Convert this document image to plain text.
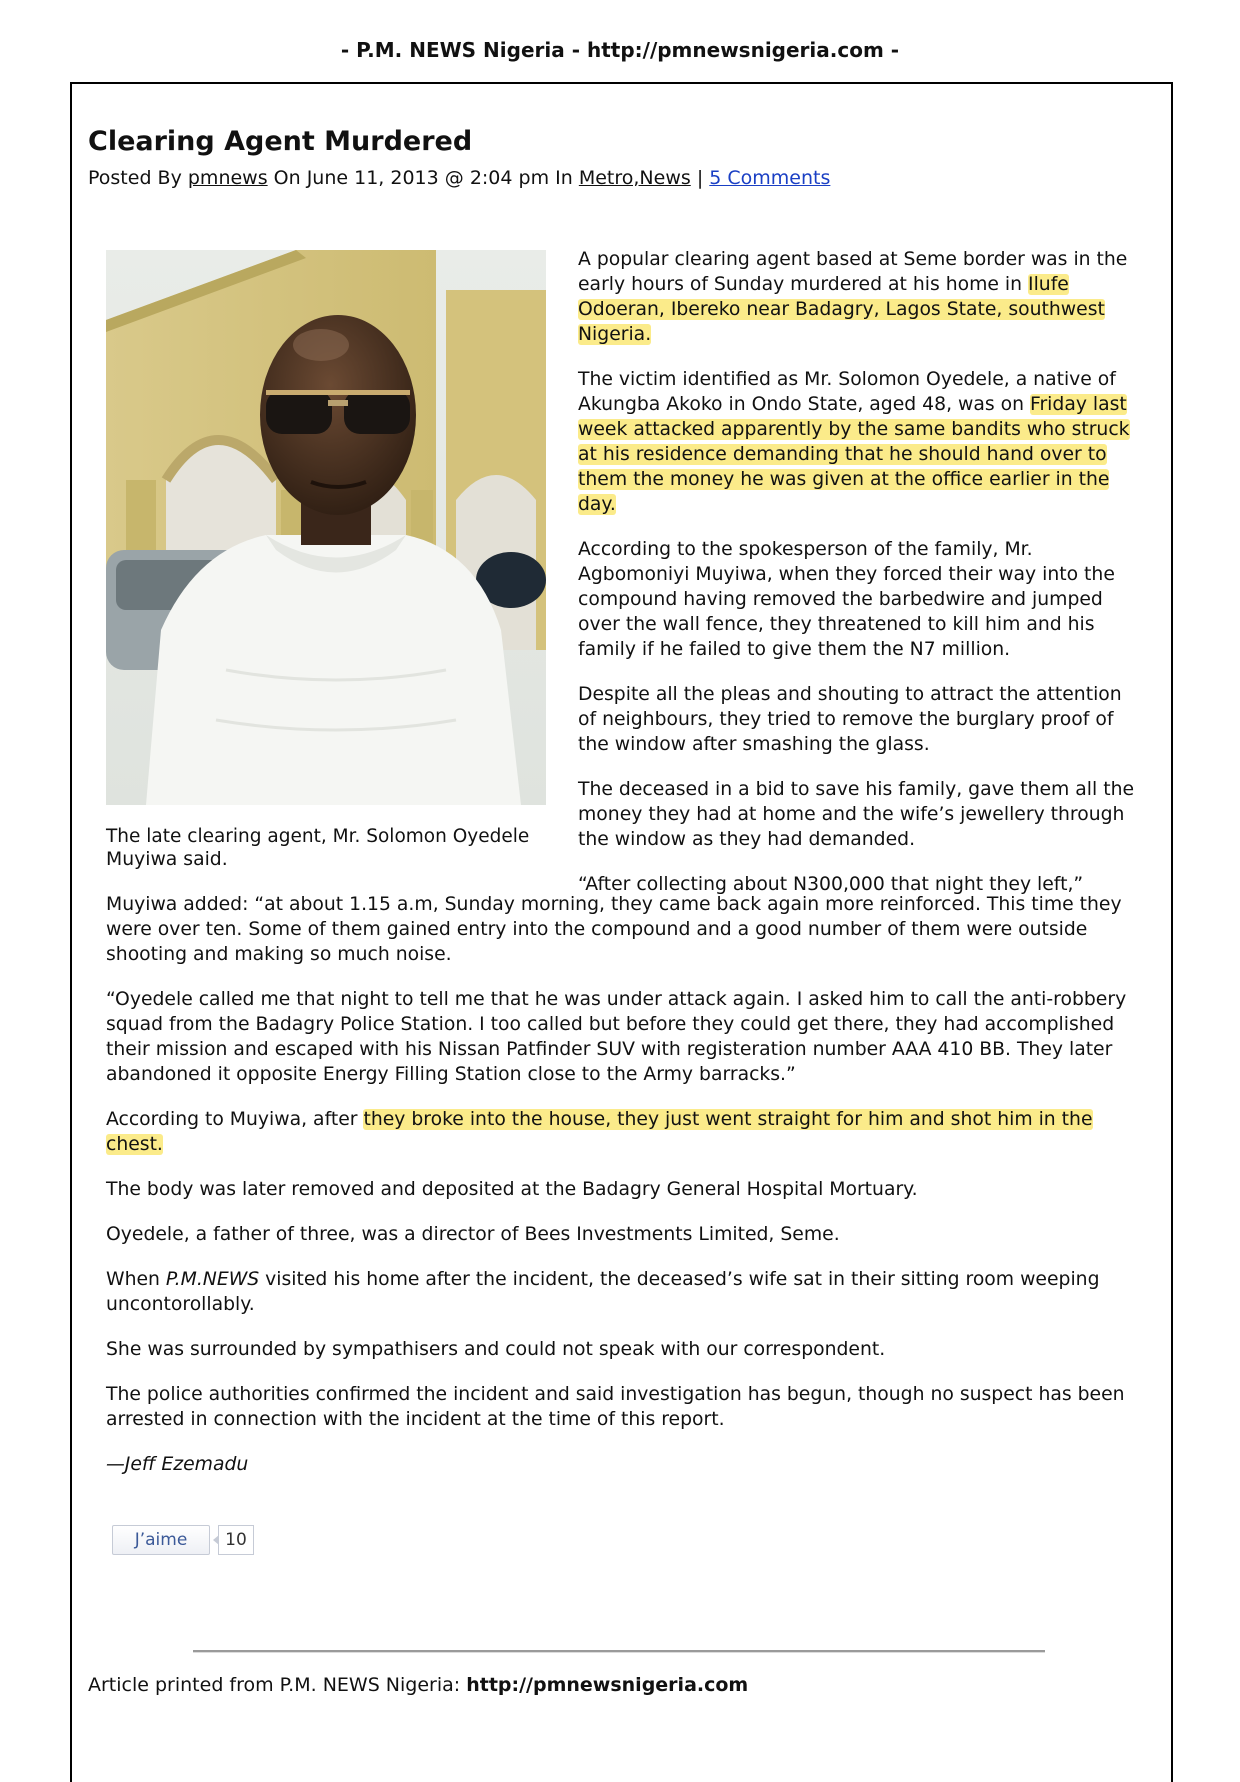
- P.M. NEWS Nigeria - http://pmnewsnigeria.com -
Clearing Agent Murdered
Posted By pmnews On June 11, 2013 @ 2:04 pm In Metro,News | 5 Comments
The late clearing agent, Mr. Solomon Oyedele

A popular clearing agent based at Seme border was in the early hours of Sunday murdered at his home in Ilufe Odoeran, Ibereko near Badagry, Lagos State, southwest Nigeria.

The victim identified as Mr. Solomon Oyedele, a native of Akungba Akoko in Ondo State, aged 48, was on Friday last week attacked apparently by the same bandits who struck at his residence demanding that he should hand over to them the money he was given at the office earlier in the day.

According to the spokesperson of the family, Mr. Agbomoniyi Muyiwa, when they forced their way into the compound having removed the barbedwire and jumped over the wall fence, they threatened to kill him and his family if he failed to give them the N7 million.

Despite all the pleas and shouting to attract the attention of neighbours, they tried to remove the burglary proof of the window after smashing the glass.

The deceased in a bid to save his family, gave them all the money they had at home and the wife’s jewellery through the window as they had demanded.

“After collecting about N300,000 that night they left,”

Muyiwa said.

Muyiwa added: “at about 1.15 a.m, Sunday morning, they came back again more reinforced. This time they were over ten. Some of them gained entry into the compound and a good number of them were outside shooting and making so much noise.

“Oyedele called me that night to tell me that he was under attack again. I asked him to call the anti-robbery squad from the Badagry Police Station. I too called but before they could get there, they had accomplished their mission and escaped with his Nissan Patfinder SUV with registeration number AAA 410 BB. They later abandoned it opposite Energy Filling Station close to the Army barracks.”

According to Muyiwa, after they broke into the house, they just went straight for him and shot him in the chest.

The body was later removed and deposited at the Badagry General Hospital Mortuary.

Oyedele, a father of three, was a director of Bees Investments Limited, Seme.

When P.M.NEWS visited his home after the incident, the deceased’s wife sat in their sitting room weeping uncontorollably.

She was surrounded by sympathisers and could not speak with our correspondent.

The police authorities confirmed the incident and said investigation has begun, though no suspect has been arrested in connection with the incident at the time of this report.

—Jeff Ezemadu

J’aime	10
Article printed from P.M. NEWS Nigeria: http://pmnewsnigeria.com
